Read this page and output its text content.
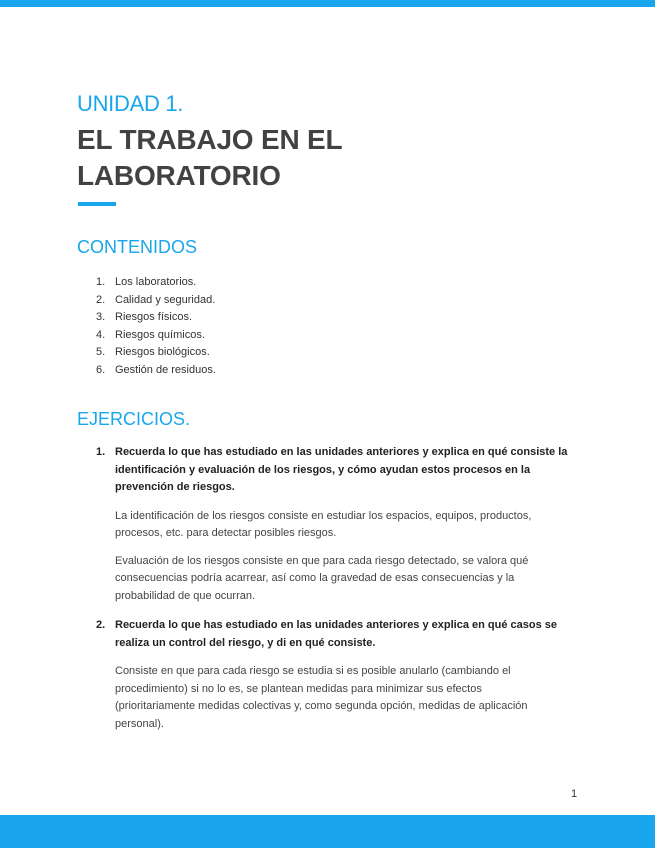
UNIDAD 1.
EL TRABAJO EN EL LABORATORIO
CONTENIDOS
1. Los laboratorios.
2. Calidad y seguridad.
3. Riesgos físicos.
4. Riesgos químicos.
5. Riesgos biológicos.
6. Gestión de residuos.
EJERCICIOS.
1. Recuerda lo que has estudiado en las unidades anteriores y explica en qué consiste la identificación y evaluación de los riesgos, y cómo ayudan estos procesos en la prevención de riesgos.
La identificación de los riesgos consiste en estudiar los espacios, equipos, productos, procesos, etc. para detectar posibles riesgos.
Evaluación de los riesgos consiste en que para cada riesgo detectado, se valora qué consecuencias podría acarrear, así como la gravedad de esas consecuencias y la probabilidad de que ocurran.
2. Recuerda lo que has estudiado en las unidades anteriores y explica en qué casos se realiza un control del riesgo, y di en qué consiste.
Consiste en que para cada riesgo se estudia si es posible anularlo (cambiando el procedimiento) si no lo es, se plantean medidas para minimizar sus efectos (prioritariamente medidas colectivas y, como segunda opción, medidas de aplicación personal).
1
